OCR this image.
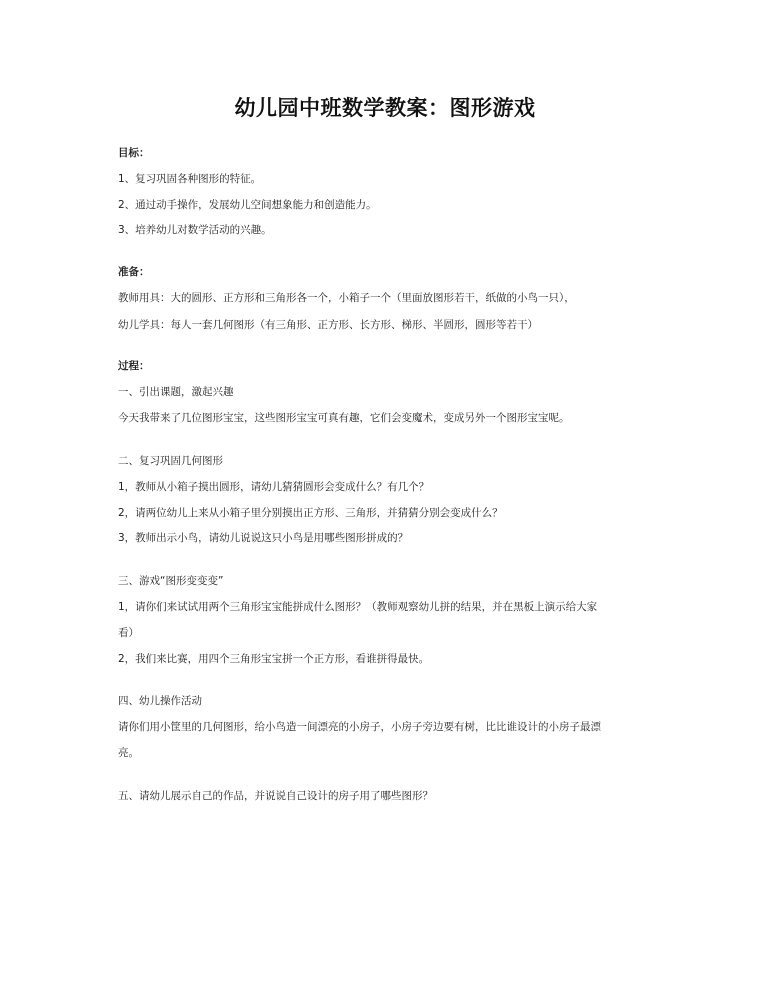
幼儿园中班数学教案：图形游戏
目标：
1、复习巩固各种图形的特征。
2、通过动手操作，发展幼儿空间想象能力和创造能力。
3、培养幼儿对数学活动的兴趣。
准备：
教师用具：大的圆形、正方形和三角形各一个，小箱子一个（里面放图形若干，纸做的小鸟一只），
幼儿学具：每人一套几何图形（有三角形、正方形、长方形、梯形、半圆形，圆形等若干）
过程：
一、引出课题，激起兴趣
今天我带来了几位图形宝宝，这些图形宝宝可真有趣，它们会变魔术，变成另外一个图形宝宝呢。
二、复习巩固几何图形
1，教师从小箱子摸出圆形，请幼儿猜猜圆形会变成什么？有几个？
2，请两位幼儿上来从小箱子里分别摸出正方形、三角形，并猜猜分别会变成什么？
3，教师出示小鸟，请幼儿说说这只小鸟是用哪些图形拼成的？
三、游戏“图形变变变”
1，请你们来试试用两个三角形宝宝能拼成什么图形？（教师观察幼儿拼的结果，并在黑板上演示给大家
看）
2，我们来比赛，用四个三角形宝宝拼一个正方形，看谁拼得最快。
四、幼儿操作活动
请你们用小筐里的几何图形，给小鸟造一间漂亮的小房子，小房子旁边要有树，比比谁设计的小房子最漂
亮。
五、请幼儿展示自己的作品，并说说自己设计的房子用了哪些图形？
